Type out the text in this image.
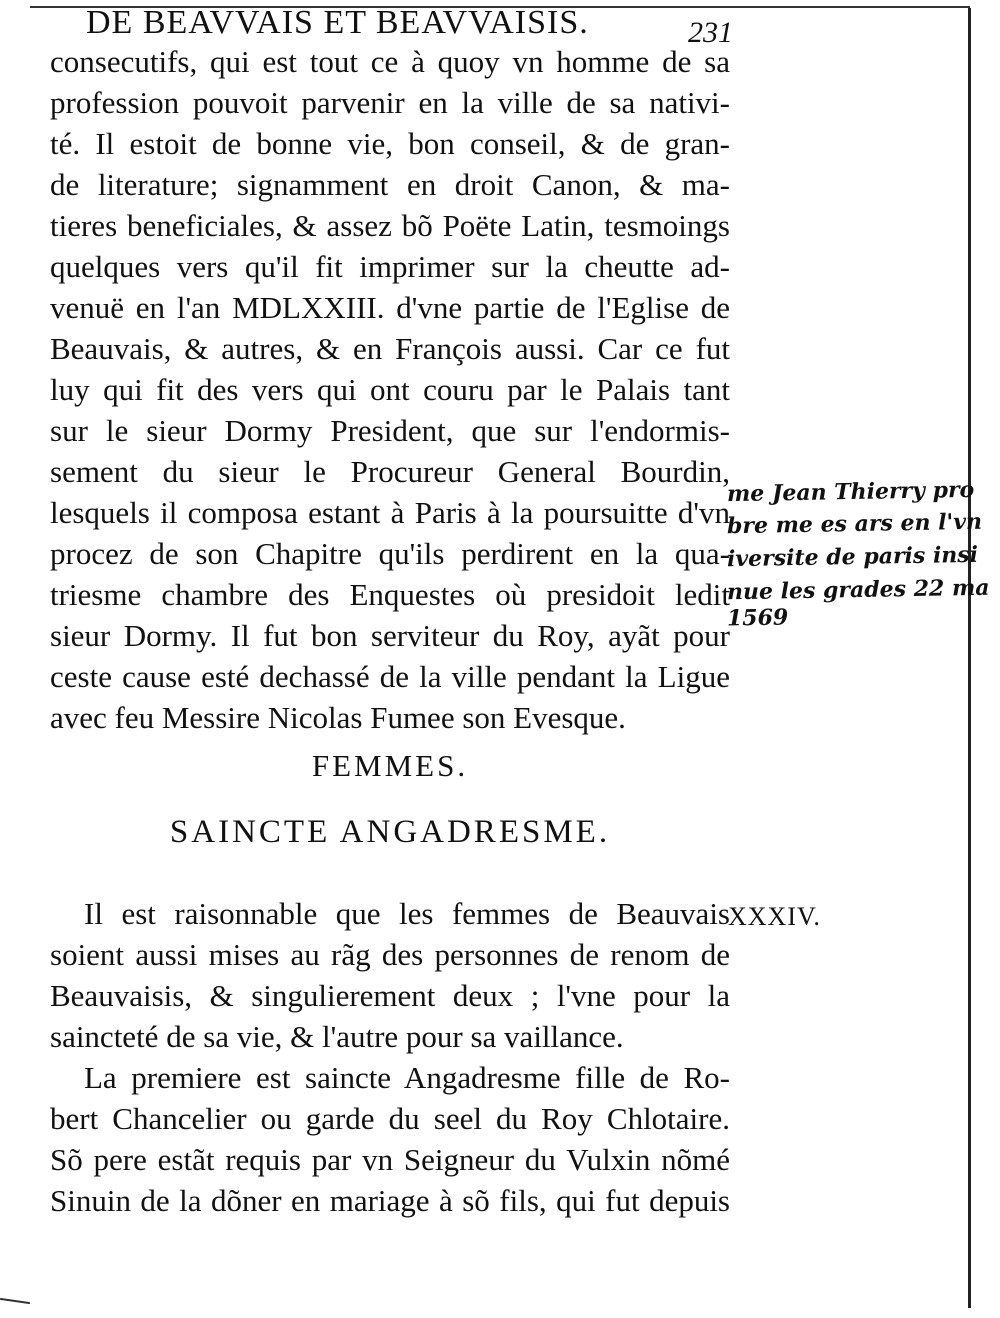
DE BEAVVAIS ET BEAVVAISIS.	231
consecutifs, qui est tout ce à quoy vn homme de sa
profession pouvoit parvenir en la ville de sa nativi-
té. Il estoit de bonne vie, bon conseil, & de gran-
de literature; signamment en droit Canon, & ma-
tieres beneficiales, & assez bõ Poëte Latin, tesmoings
quelques vers qu'il fit imprimer sur la cheutte ad-
venuë en l'an MDLXXIII. d'vne partie de l'Eglise de
Beauvais, & autres, & en François aussi. Car ce fut
luy qui fit des vers qui ont couru par le Palais tant
sur le sieur Dormy President, que sur l'endormis-
sement du sieur le Procureur General Bourdin,
lesquels il composa estant à Paris à la poursuitte d'vn
procez de son Chapitre qu'ils perdirent en la qua-
triesme chambre des Enquestes où presidoit ledit
sieur Dormy. Il fut bon serviteur du Roy, ayãt pour
ceste cause esté dechassé de la ville pendant la Ligue
avec feu Messire Nicolas Fumee son Evesque.
me Jean Thierry pro
bre me es ars en l'vn
iversite de paris insi
nue les grades 22 ma
1569
FEMMES.
SAINCTE ANGADRESME.
XXXIV.
Il est raisonnable que les femmes de Beauvais
soient aussi mises au rãg des personnes de renom de
Beauvaisis, & singulierement deux ; l'vne pour la
saincteté de sa vie, & l'autre pour sa vaillance.
La premiere est saincte Angadresme fille de Ro-
bert Chancelier ou garde du seel du Roy Chlotaire.
Sõ pere estãt requis par vn Seigneur du Vulxin nõmé
Sinuin de la dõner en mariage à sõ fils, qui fut depuis
